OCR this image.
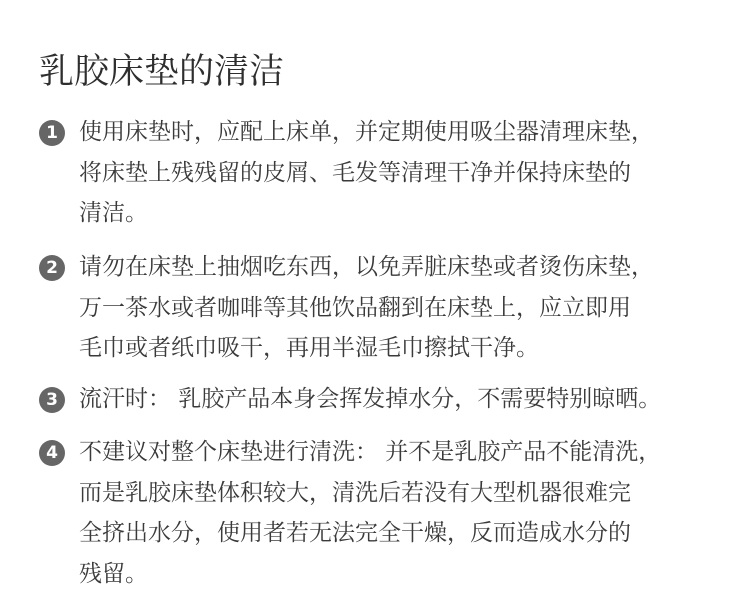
乳胶床垫的清洁
1 使用床垫时，应配上床单，并定期使用吸尘器清理床垫，
将床垫上残残留的皮屑、毛发等清理干净并保持床垫的
清洁。
2 请勿在床垫上抽烟吃东西，以免弄脏床垫或者烫伤床垫，
万一茶水或者咖啡等其他饮品翻到在床垫上，应立即用
毛巾或者纸巾吸干，再用半湿毛巾擦拭干净。
3 流汗时： 乳胶产品本身会挥发掉水分，不需要特别晾晒。
4 不建议对整个床垫进行清洗： 并不是乳胶产品不能清洗，
而是乳胶床垫体积较大，清洗后若没有大型机器很难完
全挤出水分，使用者若无法完全干燥，反而造成水分的
残留。
